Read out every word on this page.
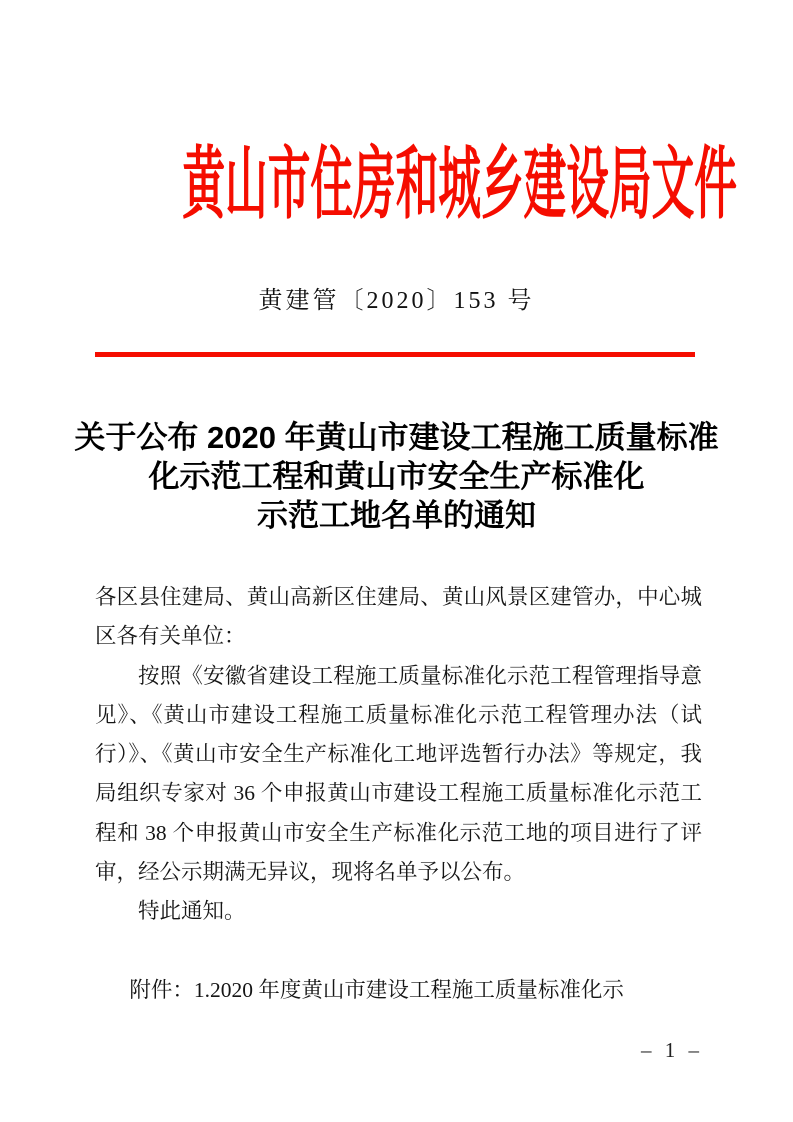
黄山市住房和城乡建设局文件
黄建管〔2020〕153 号
关于公布 2020 年黄山市建设工程施工质量标准
化示范工程和黄山市安全生产标准化
示范工地名单的通知

各区县住建局、黄山高新区住建局、黄山风景区建管办，中心城区各有关单位：

按照《安徽省建设工程施工质量标准化示范工程管理指导意见》、《黄山市建设工程施工质量标准化示范工程管理办法（试行）》、《黄山市安全生产标准化工地评选暂行办法》等规定，我局组织专家对 36 个申报黄山市建设工程施工质量标准化示范工程和 38 个申报黄山市安全生产标准化示范工地的项目进行了评审，经公示期满无异议，现将名单予以公布。

特此通知。

附件：1.2020 年度黄山市建设工程施工质量标准化示

– 1 –
